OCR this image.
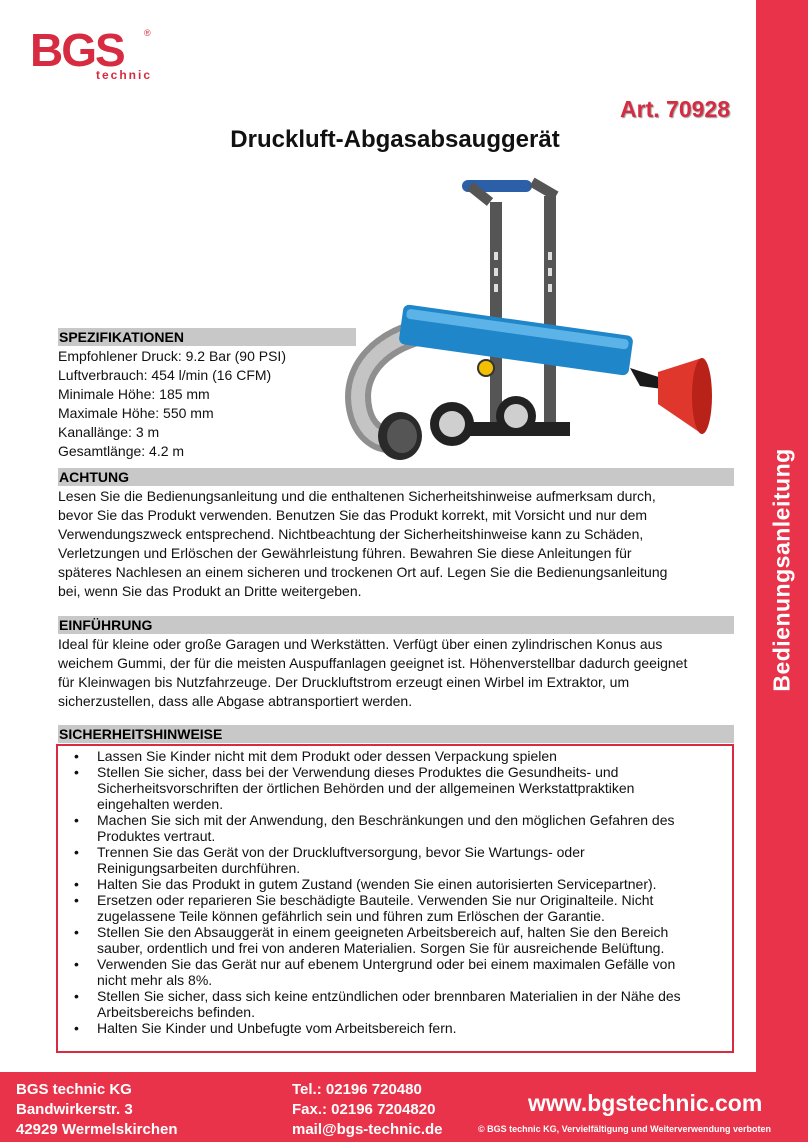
Bedienungsanleitung
BGS ®
technic
Art. 70928
Druckluft-Abgasabsauggerät
SPEZIFIKATIONEN
Empfohlener Druck: 9.2 Bar (90 PSI)
Luftverbrauch: 454 l/min (16 CFM)
Minimale Höhe: 185 mm
Maximale Höhe: 550 mm
Kanallänge: 3 m
Gesamtlänge: 4.2 m
ACHTUNG
Lesen Sie die Bedienungsanleitung und die enthaltenen Sicherheitshinweise aufmerksam durch,
bevor Sie das Produkt verwenden. Benutzen Sie das Produkt korrekt, mit Vorsicht und nur dem
Verwendungszweck entsprechend. Nichtbeachtung der Sicherheitshinweise kann zu Schäden,
Verletzungen und Erlöschen der Gewährleistung führen. Bewahren Sie diese Anleitungen für
späteres Nachlesen an einem sicheren und trockenen Ort auf. Legen Sie die Bedienungsanleitung
bei, wenn Sie das Produkt an Dritte weitergeben.
EINFÜHRUNG
Ideal für kleine oder große Garagen und Werkstätten. Verfügt über einen zylindrischen Konus aus
weichem Gummi, der für die meisten Auspuffanlagen geeignet ist. Höhenverstellbar dadurch geeignet
für Kleinwagen bis Nutzfahrzeuge. Der Druckluftstrom erzeugt einen Wirbel im Extraktor, um
sicherzustellen, dass alle Abgase abtransportiert werden.
SICHERHEITSHINWEISE
• Lassen Sie Kinder nicht mit dem Produkt oder dessen Verpackung spielen
• Stellen Sie sicher, dass bei der Verwendung dieses Produktes die Gesundheits- und
Sicherheitsvorschriften der örtlichen Behörden und der allgemeinen Werkstattpraktiken
eingehalten werden.
• Machen Sie sich mit der Anwendung, den Beschränkungen und den möglichen Gefahren des
Produktes vertraut.
• Trennen Sie das Gerät von der Druckluftversorgung, bevor Sie Wartungs- oder
Reinigungsarbeiten durchführen.
• Halten Sie das Produkt in gutem Zustand (wenden Sie einen autorisierten Servicepartner).
• Ersetzen oder reparieren Sie beschädigte Bauteile. Verwenden Sie nur Originalteile. Nicht
zugelassene Teile können gefährlich sein und führen zum Erlöschen der Garantie.
• Stellen Sie den Absauggerät in einem geeigneten Arbeitsbereich auf, halten Sie den Bereich
sauber, ordentlich und frei von anderen Materialien. Sorgen Sie für ausreichende Belüftung.
• Verwenden Sie das Gerät nur auf ebenem Untergrund oder bei einem maximalen Gefälle von
nicht mehr als 8%.
• Stellen Sie sicher, dass sich keine entzündlichen oder brennbaren Materialien in der Nähe des
Arbeitsbereichs befinden.
• Halten Sie Kinder und Unbefugte vom Arbeitsbereich fern.
BGS technic KG
Bandwirkerstr. 3
42929 Wermelskirchen
Tel.: 02196 720480
Fax.: 02196 7204820
mail@bgs-technic.de
www.bgstechnic.com
© BGS technic KG, Vervielfältigung und Weiterverwendung verboten
